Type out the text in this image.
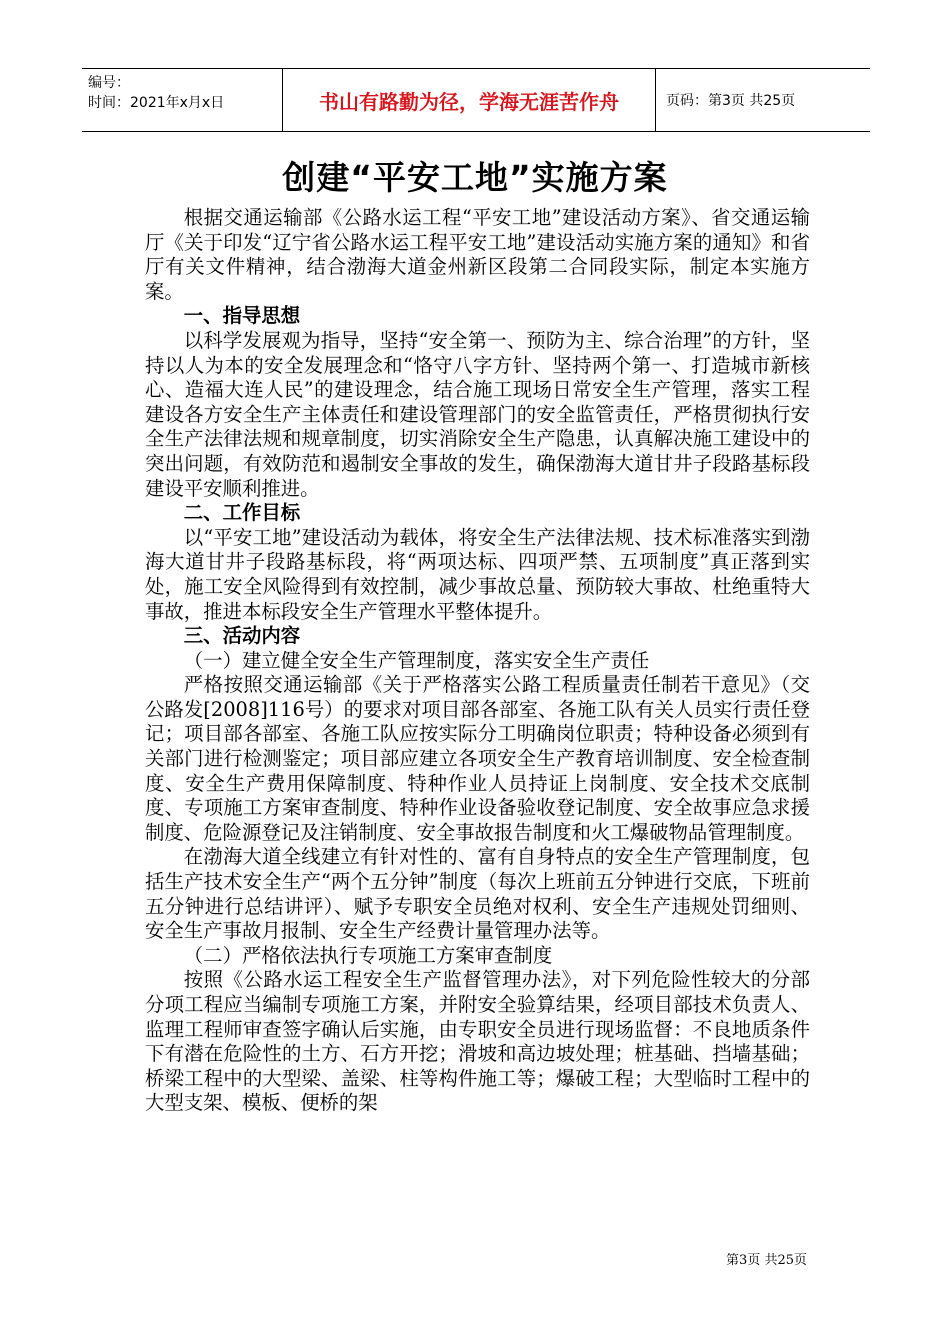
编号：
时间：2021年x月x日	书山有路勤为径，学海无涯苦作舟	页码：第3页 共25页
创建“平安工地”实施方案

根据交通运输部《公路水运工程“平安工地”建设活动方案》、省交通运输厅《关于印发“辽宁省公路水运工程平安工地”建设活动实施方案的通知》和省厅有关文件精神，结合渤海大道金州新区段第二合同段实际，制定本实施方案。

一、指导思想

以科学发展观为指导，坚持“安全第一、预防为主、综合治理”的方针，坚持以人为本的安全发展理念和“恪守八字方针、坚持两个第一、打造城市新核心、造福大连人民”的建设理念，结合施工现场日常安全生产管理，落实工程建设各方安全生产主体责任和建设管理部门的安全监管责任，严格贯彻执行安全生产法律法规和规章制度，切实消除安全生产隐患，认真解决施工建设中的突出问题，有效防范和遏制安全事故的发生，确保渤海大道甘井子段路基标段建设平安顺利推进。

二、工作目标

以“平安工地”建设活动为载体，将安全生产法律法规、技术标准落实到渤海大道甘井子段路基标段，将“两项达标、四项严禁、五项制度”真正落到实处，施工安全风险得到有效控制，减少事故总量、预防较大事故、杜绝重特大事故，推进本标段安全生产管理水平整体提升。

三、活动内容

（一）建立健全安全生产管理制度，落实安全生产责任

严格按照交通运输部《关于严格落实公路工程质量责任制若干意见》（交公路发[2008]116号）的要求对项目部各部室、各施工队有关人员实行责任登记；项目部各部室、各施工队应按实际分工明确岗位职责；特种设备必须到有关部门进行检测鉴定；项目部应建立各项安全生产教育培训制度、安全检查制度、安全生产费用保障制度、特种作业人员持证上岗制度、安全技术交底制度、专项施工方案审查制度、特种作业设备验收登记制度、安全故事应急求援制度、危险源登记及注销制度、安全事故报告制度和火工爆破物品管理制度。

在渤海大道全线建立有针对性的、富有自身特点的安全生产管理制度，包括生产技术安全生产“两个五分钟”制度（每次上班前五分钟进行交底，下班前五分钟进行总结讲评）、赋予专职安全员绝对权利、安全生产违规处罚细则、安全生产事故月报制、安全生产经费计量管理办法等。

（二）严格依法执行专项施工方案审查制度

按照《公路水运工程安全生产监督管理办法》，对下列危险性较大的分部分项工程应当编制专项施工方案，并附安全验算结果，经项目部技术负责人、监理工程师审查签字确认后实施，由专职安全员进行现场监督：不良地质条件下有潜在危险性的土方、石方开挖；滑坡和高边坡处理；桩基础、挡墙基础；桥梁工程中的大型梁、盖梁、柱等构件施工等；爆破工程；大型临时工程中的大型支架、模板、便桥的架

第3页 共25页
